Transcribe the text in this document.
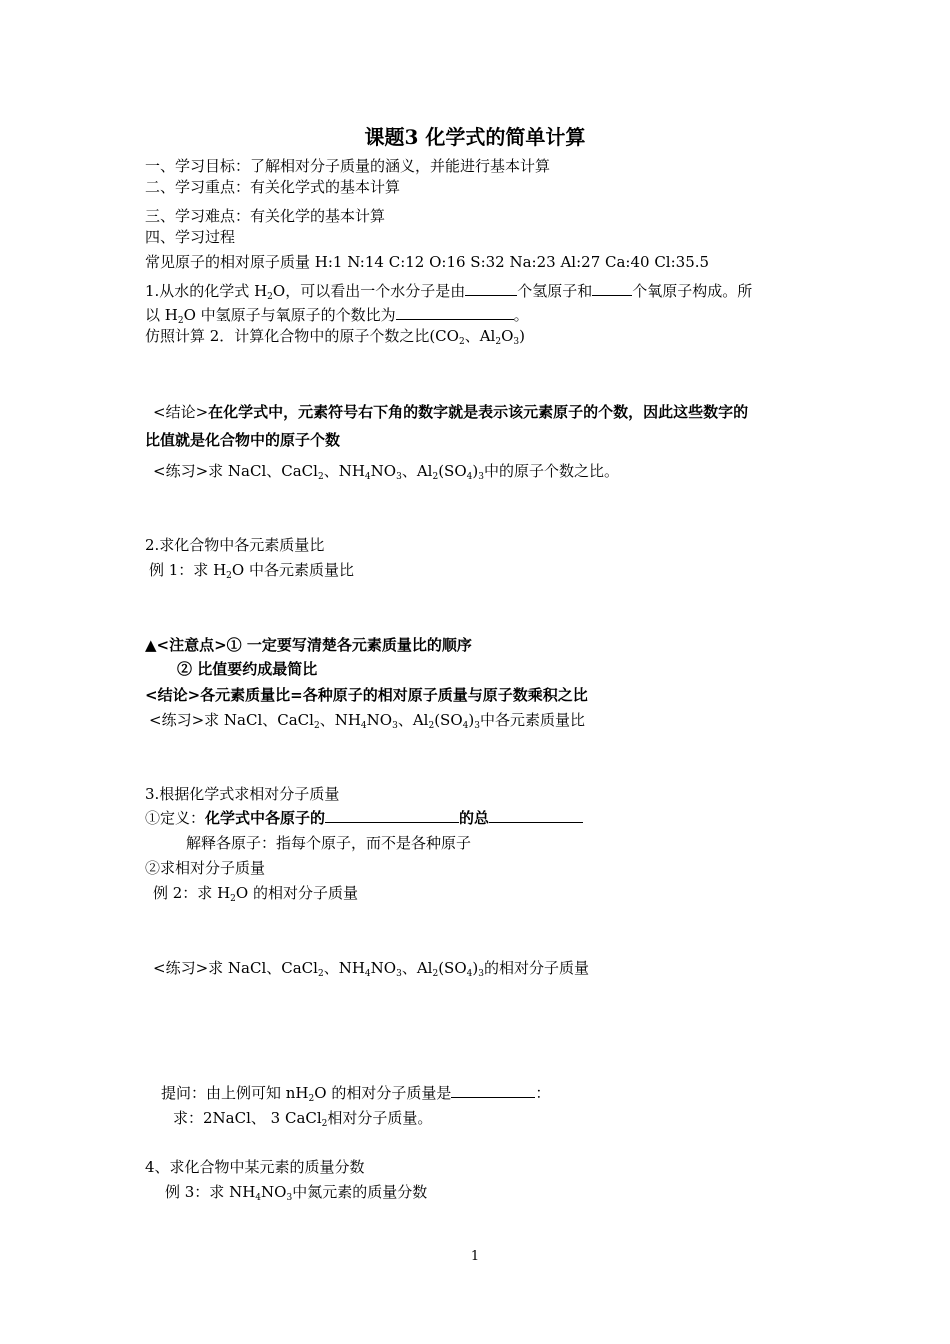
课题3 化学式的简单计算
一、学习目标：了解相对分子质量的涵义，并能进行基本计算
二、学习重点：有关化学式的基本计算
三、学习难点：有关化学的基本计算
四、学习过程
常见原子的相对原子质量 H:1 N:14 C:12 O:16 S:32 Na:23 Al:27 Ca:40 Cl:35.5
1.从水的化学式 $H_2O$，可以看出一个水分子是由	个氢原子和	个氧原子构成。所
以 $H_2O$ 中氢原子与氧原子的个数比为	。
仿照计算 2．计算化合物中的原子个数之比($CO_2$、$Al_2O_3$)
<结论>在化学式中，元素符号右下角的数字就是表示该元素原子的个数，因此这些数字的
比值就是化合物中的原子个数
<练习>求 NaCl、CaCl$_2$、$NH_4NO_3$、$Al_2(SO_4)_3$中的原子个数之比。
2.求化合物中各元素质量比
例 1：求 $H_2O$ 中各元素质量比
▲<注意点>① 一定要写清楚各元素质量比的顺序
② 比值要约成最简比
<结论>各元素质量比=各种原子的相对原子质量与原子数乘积之比
<练习>求 NaCl、CaCl$_2$、$NH_4NO_3$、$Al_2(SO_4)_3$中各元素质量比
3.根据化学式求相对分子质量
①定义：化学式中各原子的	的总
解释各原子：指每个原子，而不是各种原子
②求相对分子质量
例 2：求 $H_2O$ 的相对分子质量
<练习>求 NaCl、CaCl$_2$、$NH_4NO_3$、$Al_2(SO_4)_3$的相对分子质量
提问：由上例可知 $nH_2O$ 的相对分子质量是	：
求：2NaCl、 3 CaCl$_2$相对分子质量。
4、求化合物中某元素的质量分数
例 3：求 $NH_4NO_3$中氮元素的质量分数
1
